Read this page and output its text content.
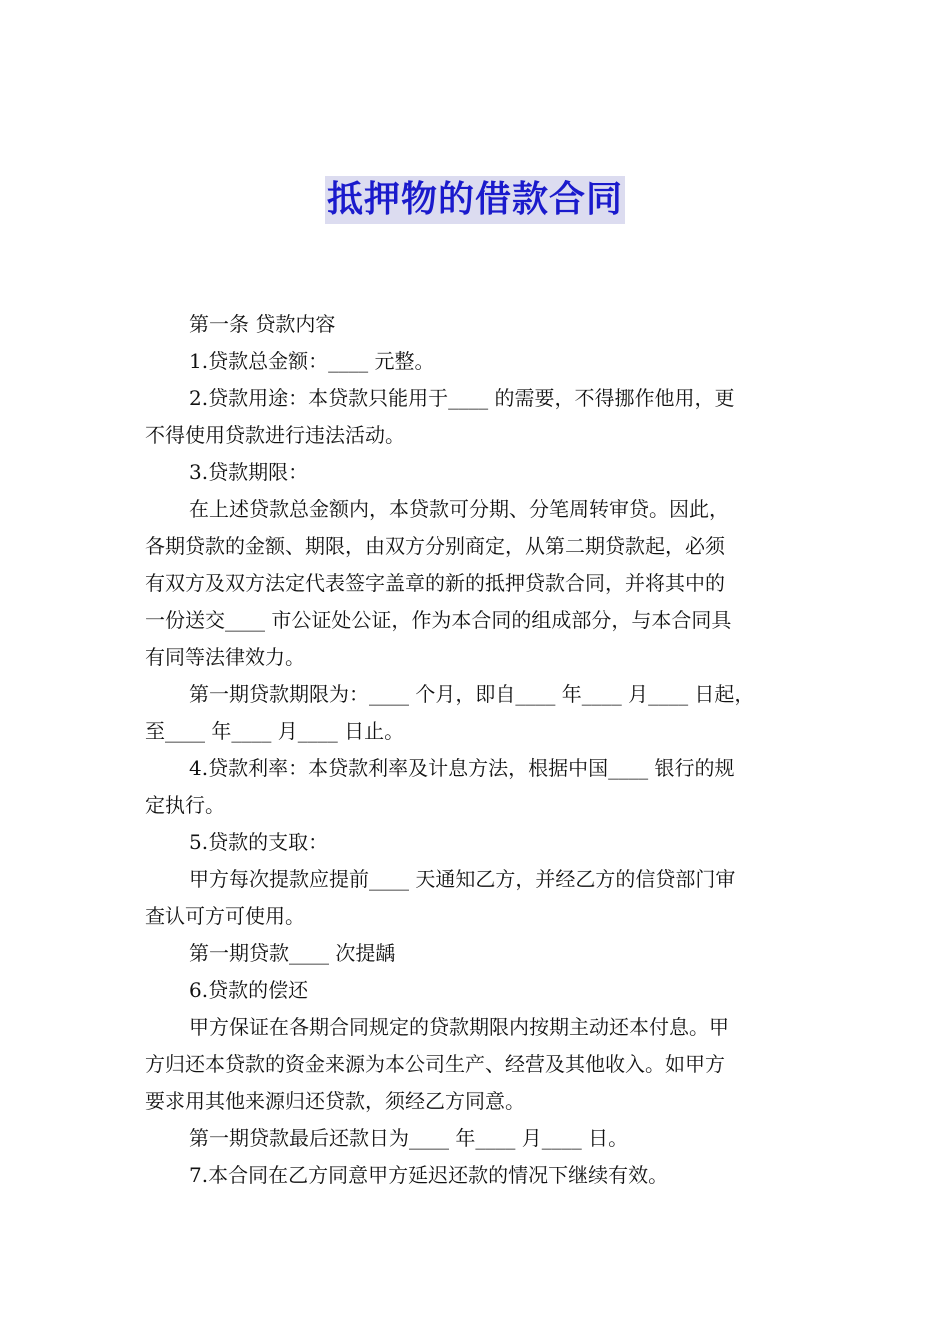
抵押物的借款合同
第一条 贷款内容
1.贷款总金额：____ 元整。
2.贷款用途：本贷款只能用于____ 的需要，不得挪作他用，更
不得使用贷款进行违法活动。
3.贷款期限：
在上述贷款总金额内，本贷款可分期、分笔周转审贷。因此，
各期贷款的金额、期限，由双方分别商定，从第二期贷款起，必须
有双方及双方法定代表签字盖章的新的抵押贷款合同，并将其中的
一份送交____ 市公证处公证，作为本合同的组成部分，与本合同具
有同等法律效力。
第一期贷款期限为：____ 个月，即自____ 年____ 月____ 日起，
至____ 年____ 月____ 日止。
4.贷款利率：本贷款利率及计息方法，根据中国____ 银行的规
定执行。
5.贷款的支取：
甲方每次提款应提前____ 天通知乙方，并经乙方的信贷部门审
查认可方可使用。
第一期贷款____ 次提龋
6.贷款的偿还
甲方保证在各期合同规定的贷款期限内按期主动还本付息。甲
方归还本贷款的资金来源为本公司生产、经营及其他收入。如甲方
要求用其他来源归还贷款，须经乙方同意。
第一期贷款最后还款日为____ 年____ 月____ 日。
7.本合同在乙方同意甲方延迟还款的情况下继续有效。
